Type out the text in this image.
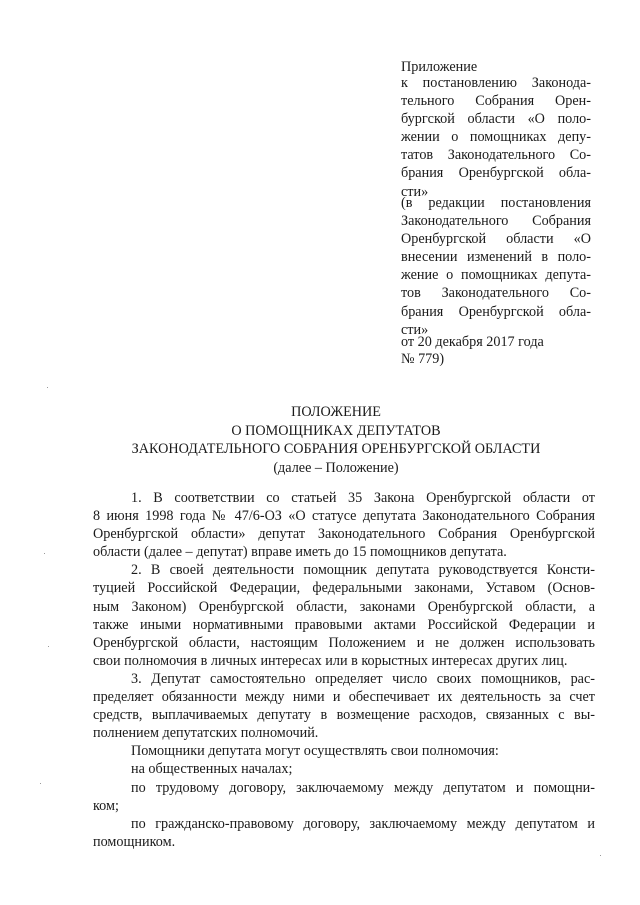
Приложение
к постановлению Законода-
тельного Собрания Орен-
бургской области «О поло-
жении о помощниках депу-
татов Законодательного Со-
брания Оренбургской обла-
сти»
(в редакции постановления
Законодательного Собрания
Оренбургской области «О
внесении изменений в поло-
жение о помощниках депута-
тов Законодательного Со-
брания Оренбургской обла-
сти»
от 20 декабря 2017 года
№ 779)
ПОЛОЖЕНИЕ
О ПОМОЩНИКАХ ДЕПУТАТОВ
ЗАКОНОДАТЕЛЬНОГО СОБРАНИЯ ОРЕНБУРГСКОЙ ОБЛАСТИ
(далее – Положение)
1. В соответствии со статьей 35 Закона Оренбургской области от
8 июня 1998 года № 47/6-ОЗ «О статусе депутата Законодательного Собрания
Оренбургской области» депутат Законодательного Собрания Оренбургской
области (далее – депутат) вправе иметь до 15 помощников депутата.
2. В своей деятельности помощник депутата руководствуется Консти-
туцией Российской Федерации, федеральными законами, Уставом (Основ-
ным Законом) Оренбургской области, законами Оренбургской области, а
также иными нормативными правовыми актами Российской Федерации и
Оренбургской области, настоящим Положением и не должен использовать
свои полномочия в личных интересах или в корыстных интересах других лиц.
3. Депутат самостоятельно определяет число своих помощников, рас-
пределяет обязанности между ними и обеспечивает их деятельность за счет
средств, выплачиваемых депутату в возмещение расходов, связанных с вы-
полнением депутатских полномочий.
Помощники депутата могут осуществлять свои полномочия:
на общественных началах;
по трудовому договору, заключаемому между депутатом и помощни-
ком;
по гражданско-правовому договору, заключаемому между депутатом и
помощником.
